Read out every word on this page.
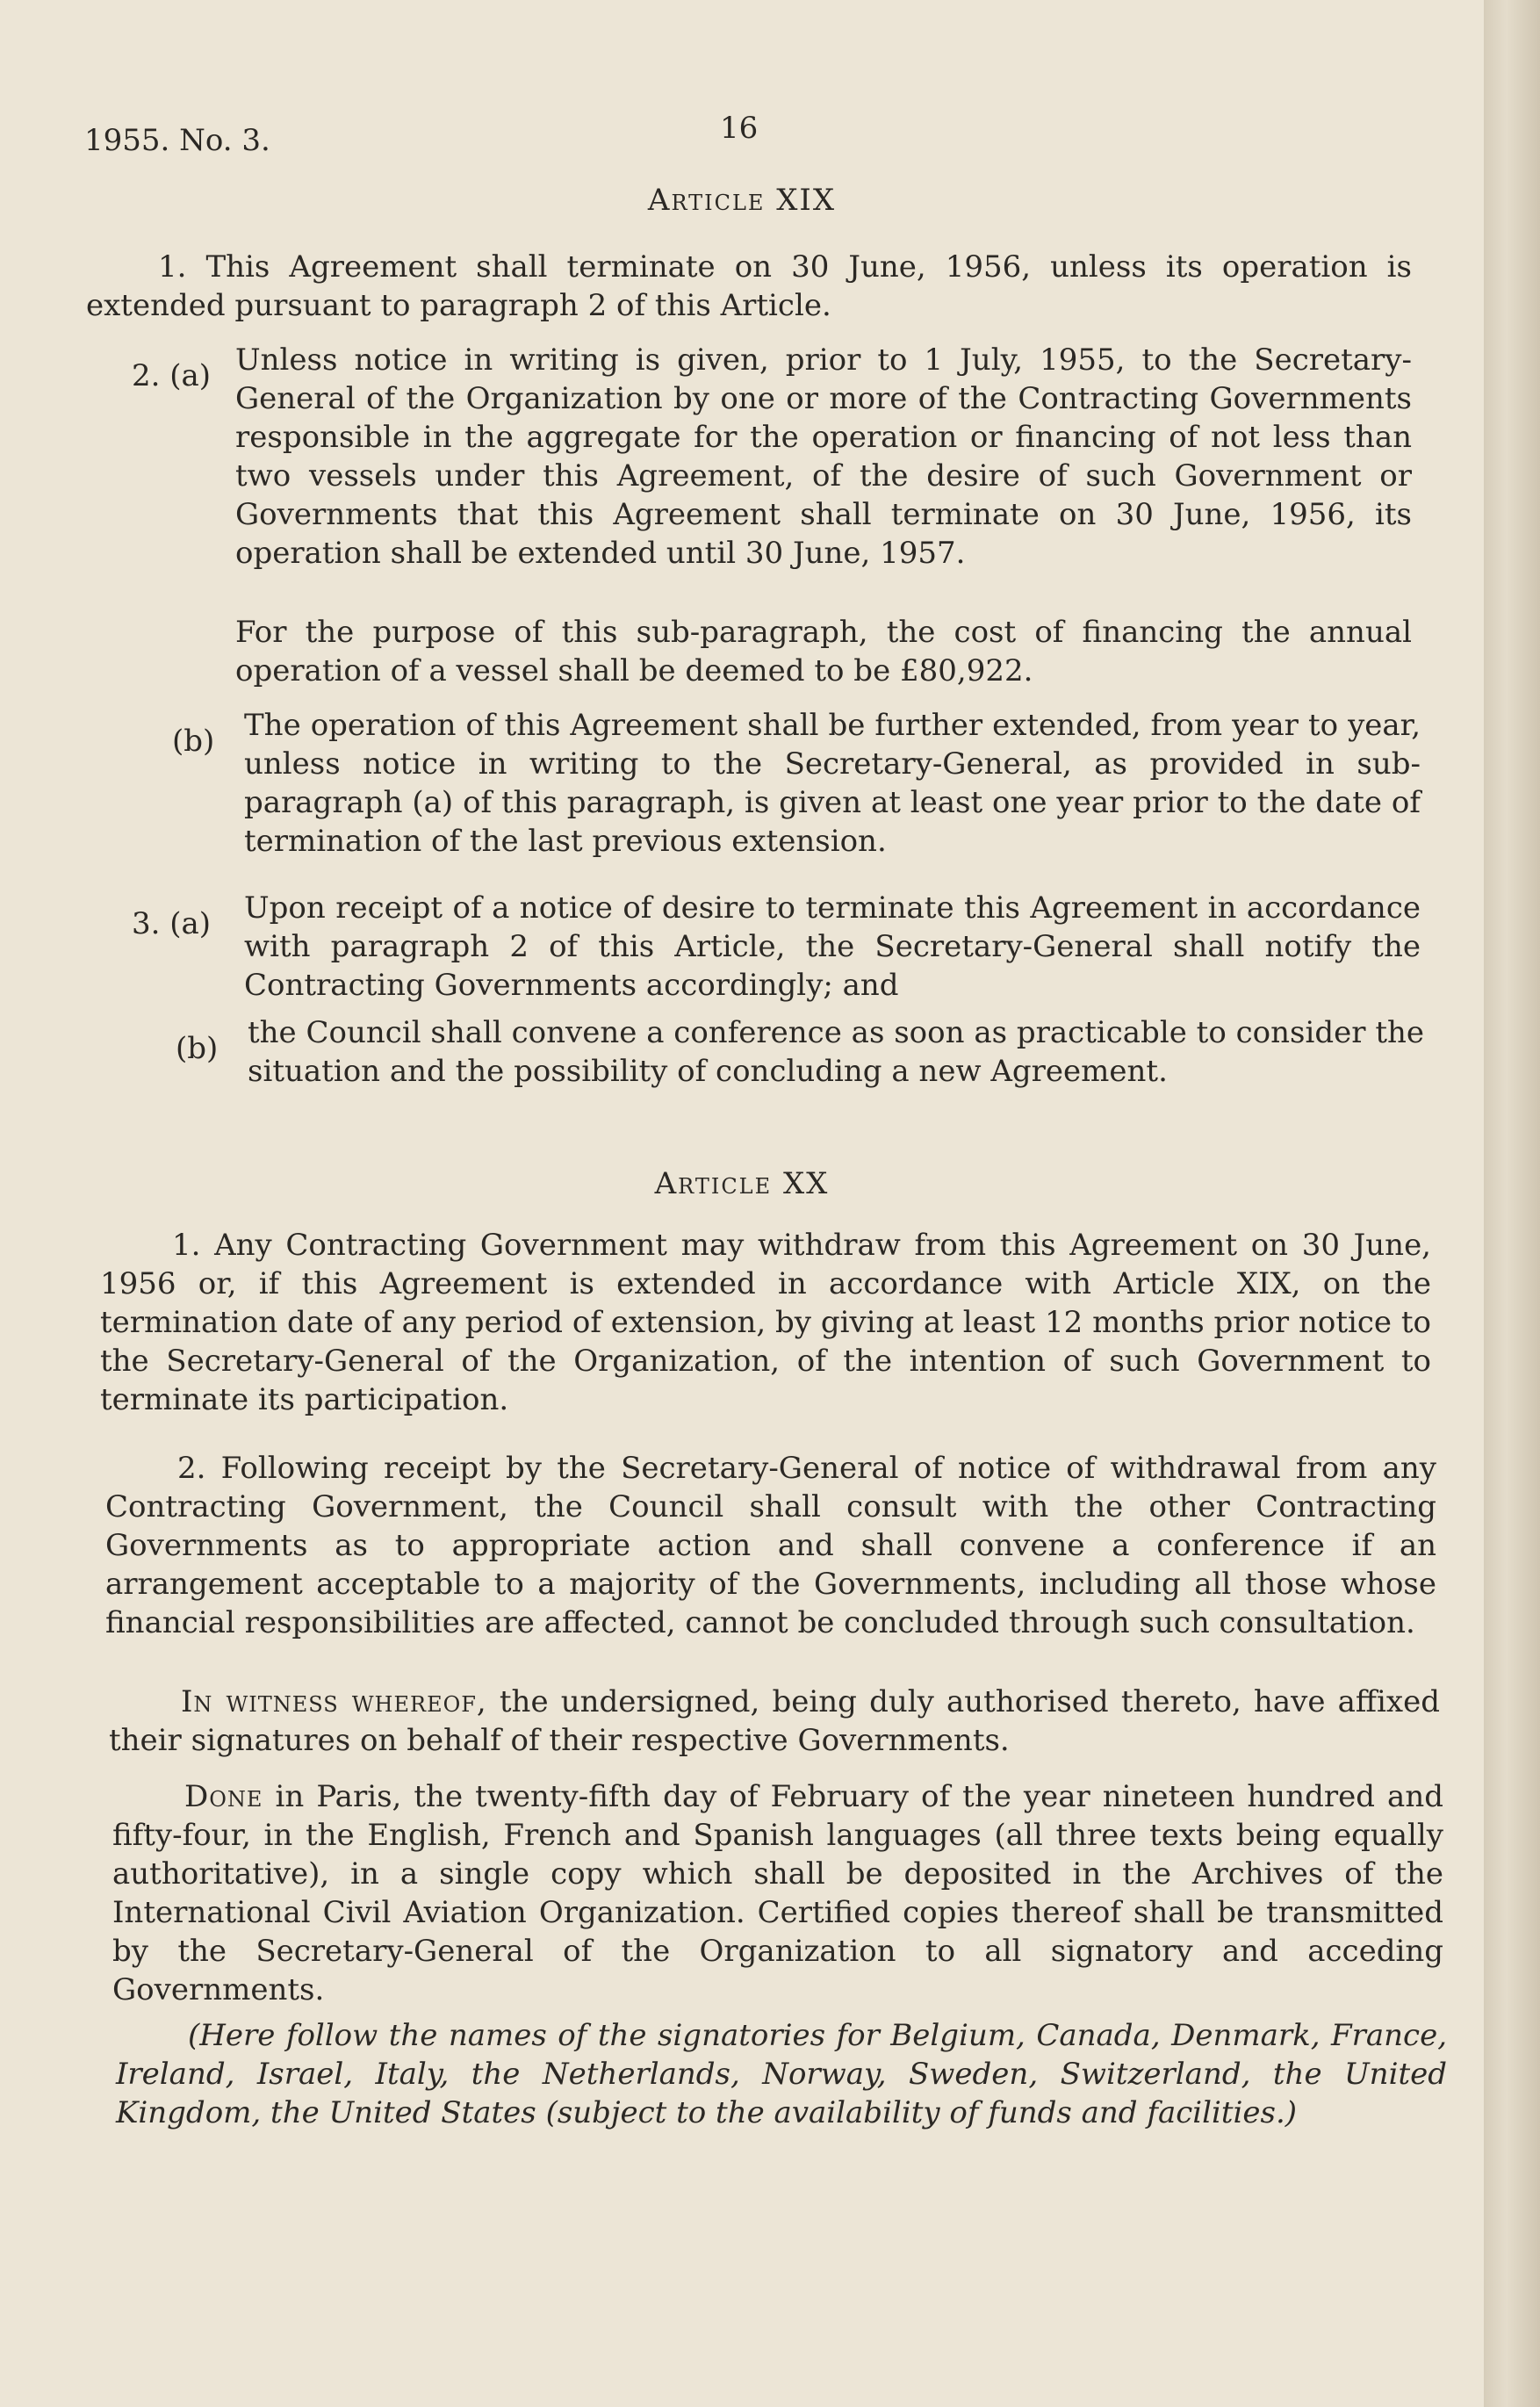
1955. No. 3.	16
Article XIX

1. This Agreement shall terminate on 30 June, 1956, unless its operation is extended pursuant to paragraph 2 of this Article.

2. (a) Unless notice in writing is given, prior to 1 July, 1955, to the Secretary-General of the Organization by one or more of the Contracting Governments responsible in the aggregate for the operation or financing of not less than two vessels under this Agreement, of the desire of such Government or Governments that this Agreement shall terminate on 30 June, 1956, its operation shall be extended until 30 June, 1957.

For the purpose of this sub-paragraph, the cost of financing the annual operation of a vessel shall be deemed to be £80,922.

(b) The operation of this Agreement shall be further extended, from year to year, unless notice in writing to the Secretary-General, as provided in sub-paragraph (a) of this paragraph, is given at least one year prior to the date of termination of the last previous extension.

3. (a) Upon receipt of a notice of desire to terminate this Agreement in accordance with paragraph 2 of this Article, the Secretary-General shall notify the Contracting Governments accordingly; and

(b) the Council shall convene a conference as soon as practicable to consider the situation and the possibility of concluding a new Agreement.

Article XX

1. Any Contracting Government may withdraw from this Agreement on 30 June, 1956 or, if this Agreement is extended in accordance with Article XIX, on the termination date of any period of extension, by giving at least 12 months prior notice to the Secretary-General of the Organization, of the intention of such Government to terminate its participation.

2. Following receipt by the Secretary-General of notice of withdrawal from any Contracting Government, the Council shall consult with the other Contracting Governments as to appropriate action and shall convene a conference if an arrangement acceptable to a majority of the Governments, including all those whose financial responsibilities are affected, cannot be concluded through such consultation.

In witness whereof, the undersigned, being duly authorised thereto, have affixed their signatures on behalf of their respective Governments.

Done in Paris, the twenty-fifth day of February of the year nineteen hundred and fifty-four, in the English, French and Spanish languages (all three texts being equally authoritative), in a single copy which shall be deposited in the Archives of the International Civil Aviation Organization. Certified copies thereof shall be transmitted by the Secretary-General of the Organization to all signatory and acceding Governments.

(Here follow the names of the signatories for Belgium, Canada, Denmark, France, Ireland, Israel, Italy, the Netherlands, Norway, Sweden, Switzerland, the United Kingdom, the United States (subject to the availability of funds and facilities.)
